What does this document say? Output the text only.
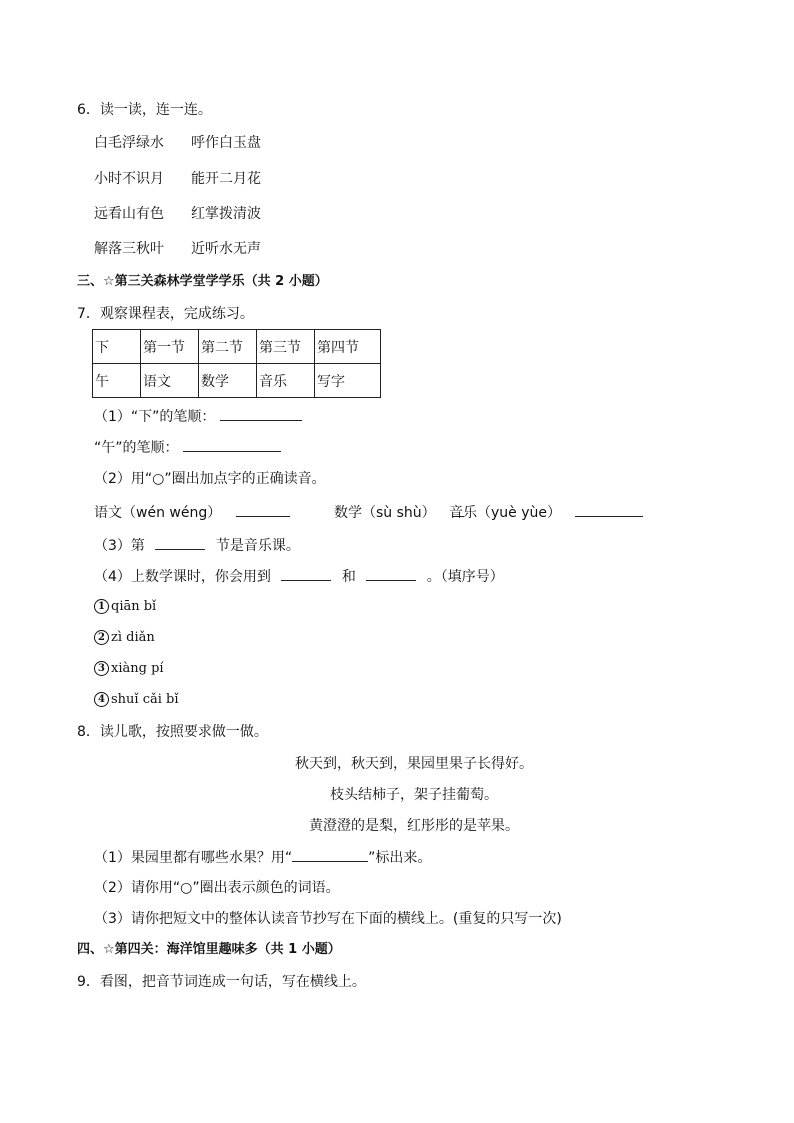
6．读一读，连一连。
白毛浮绿水 呼作白玉盘
小时不识月 能开二月花
远看山有色 红掌拨清波
解落三秋叶 近听水无声
三、☆第三关森林学堂学学乐（共 2 小题）
7．观察课程表，完成练习。
下	第一节	第二节	第三节	第四节
午	语文	数学	音乐	写字
（1）“下”的笔顺：
“午”的笔顺：
（2）用“○”圈出加点字的正确读音。
语文（wén wéng）	数学（sù shù） 音乐（yuè yùe）
（3）第	节是音乐课。
（4）上数学课时，你会用到	和	。（填序号）
1 qiān bǐ
2 zì diǎn
3 xiàng pí
4 shuǐ cǎi bǐ
8．读儿歌，按照要求做一做。
秋天到，秋天到，果园里果子长得好。
枝头结柿子，架子挂葡萄。
黄澄澄的是梨，红彤彤的是苹果。
（1）果园里都有哪些水果？用“	”标出来。
（2）请你用“○”圈出表示颜色的词语。
（3）请你把短文中的整体认读音节抄写在下面的横线上。(重复的只写一次)
四、☆第四关：海洋馆里趣味多（共 1 小题）
9．看图，把音节词连成一句话，写在横线上。
